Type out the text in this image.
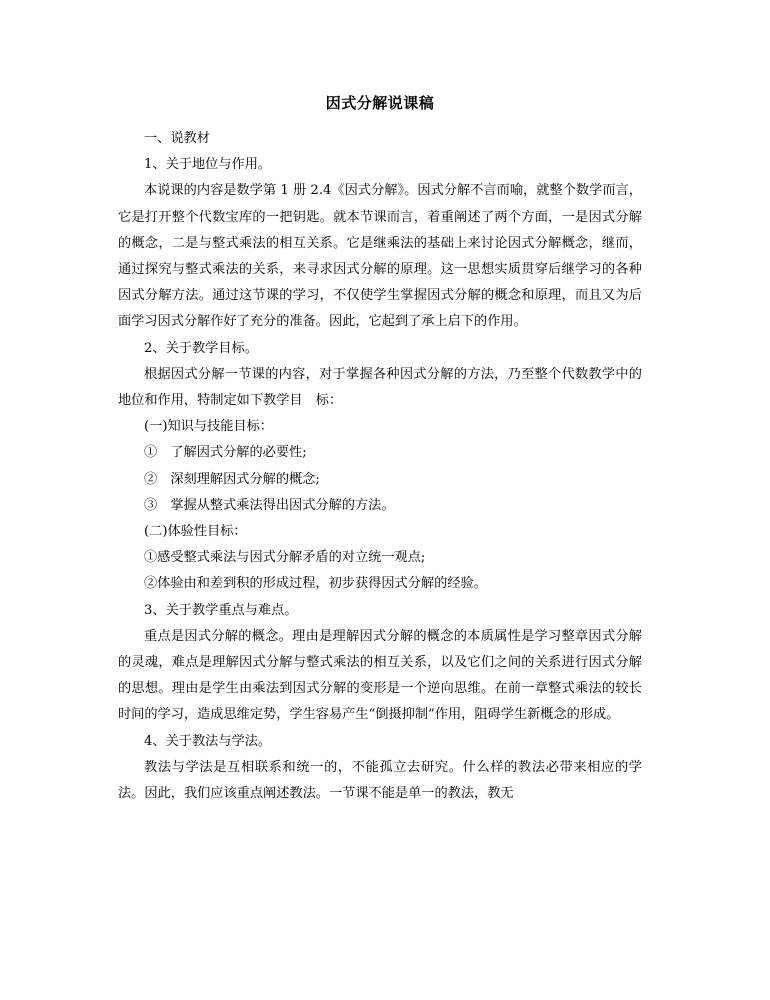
因式分解说课稿

一、说教材

1、关于地位与作用。

本说课的内容是数学第 1 册 2.4《因式分解》。因式分解不言而喻，就整个数学而言，它是打开整个代数宝库的一把钥匙。就本节课而言，着重阐述了两个方面，一是因式分解的概念，二是与整式乘法的相互关系。它是继乘法的基础上来讨论因式分解概念，继而，通过探究与整式乘法的关系，来寻求因式分解的原理。这一思想实质贯穿后继学习的各种因式分解方法。通过这节课的学习，不仅使学生掌握因式分解的概念和原理，而且又为后面学习因式分解作好了充分的准备。因此，它起到了承上启下的作用。

2、关于教学目标。

根据因式分解一节课的内容，对于掌握各种因式分解的方法，乃至整个代数教学中的地位和作用，特制定如下教学目　标：

(一)知识与技能目标：

①　了解因式分解的必要性;

②　深刻理解因式分解的概念;

③　掌握从整式乘法得出因式分解的方法。

(二)体验性目标：

①感受整式乘法与因式分解矛盾的对立统一观点;

②体验由和差到积的形成过程，初步获得因式分解的经验。

3、关于教学重点与难点。

重点是因式分解的概念。理由是理解因式分解的概念的本质属性是学习整章因式分解的灵魂，难点是理解因式分解与整式乘法的相互关系，以及它们之间的关系进行因式分解的思想。理由是学生由乘法到因式分解的变形是一个逆向思维。在前一章整式乘法的较长时间的学习，造成思维定势，学生容易产生“倒摄抑制”作用，阻碍学生新概念的形成。

4、关于教法与学法。

教法与学法是互相联系和统一的，不能孤立去研究。什么样的教法必带来相应的学法。因此，我们应该重点阐述教法。一节课不能是单一的教法，教无
